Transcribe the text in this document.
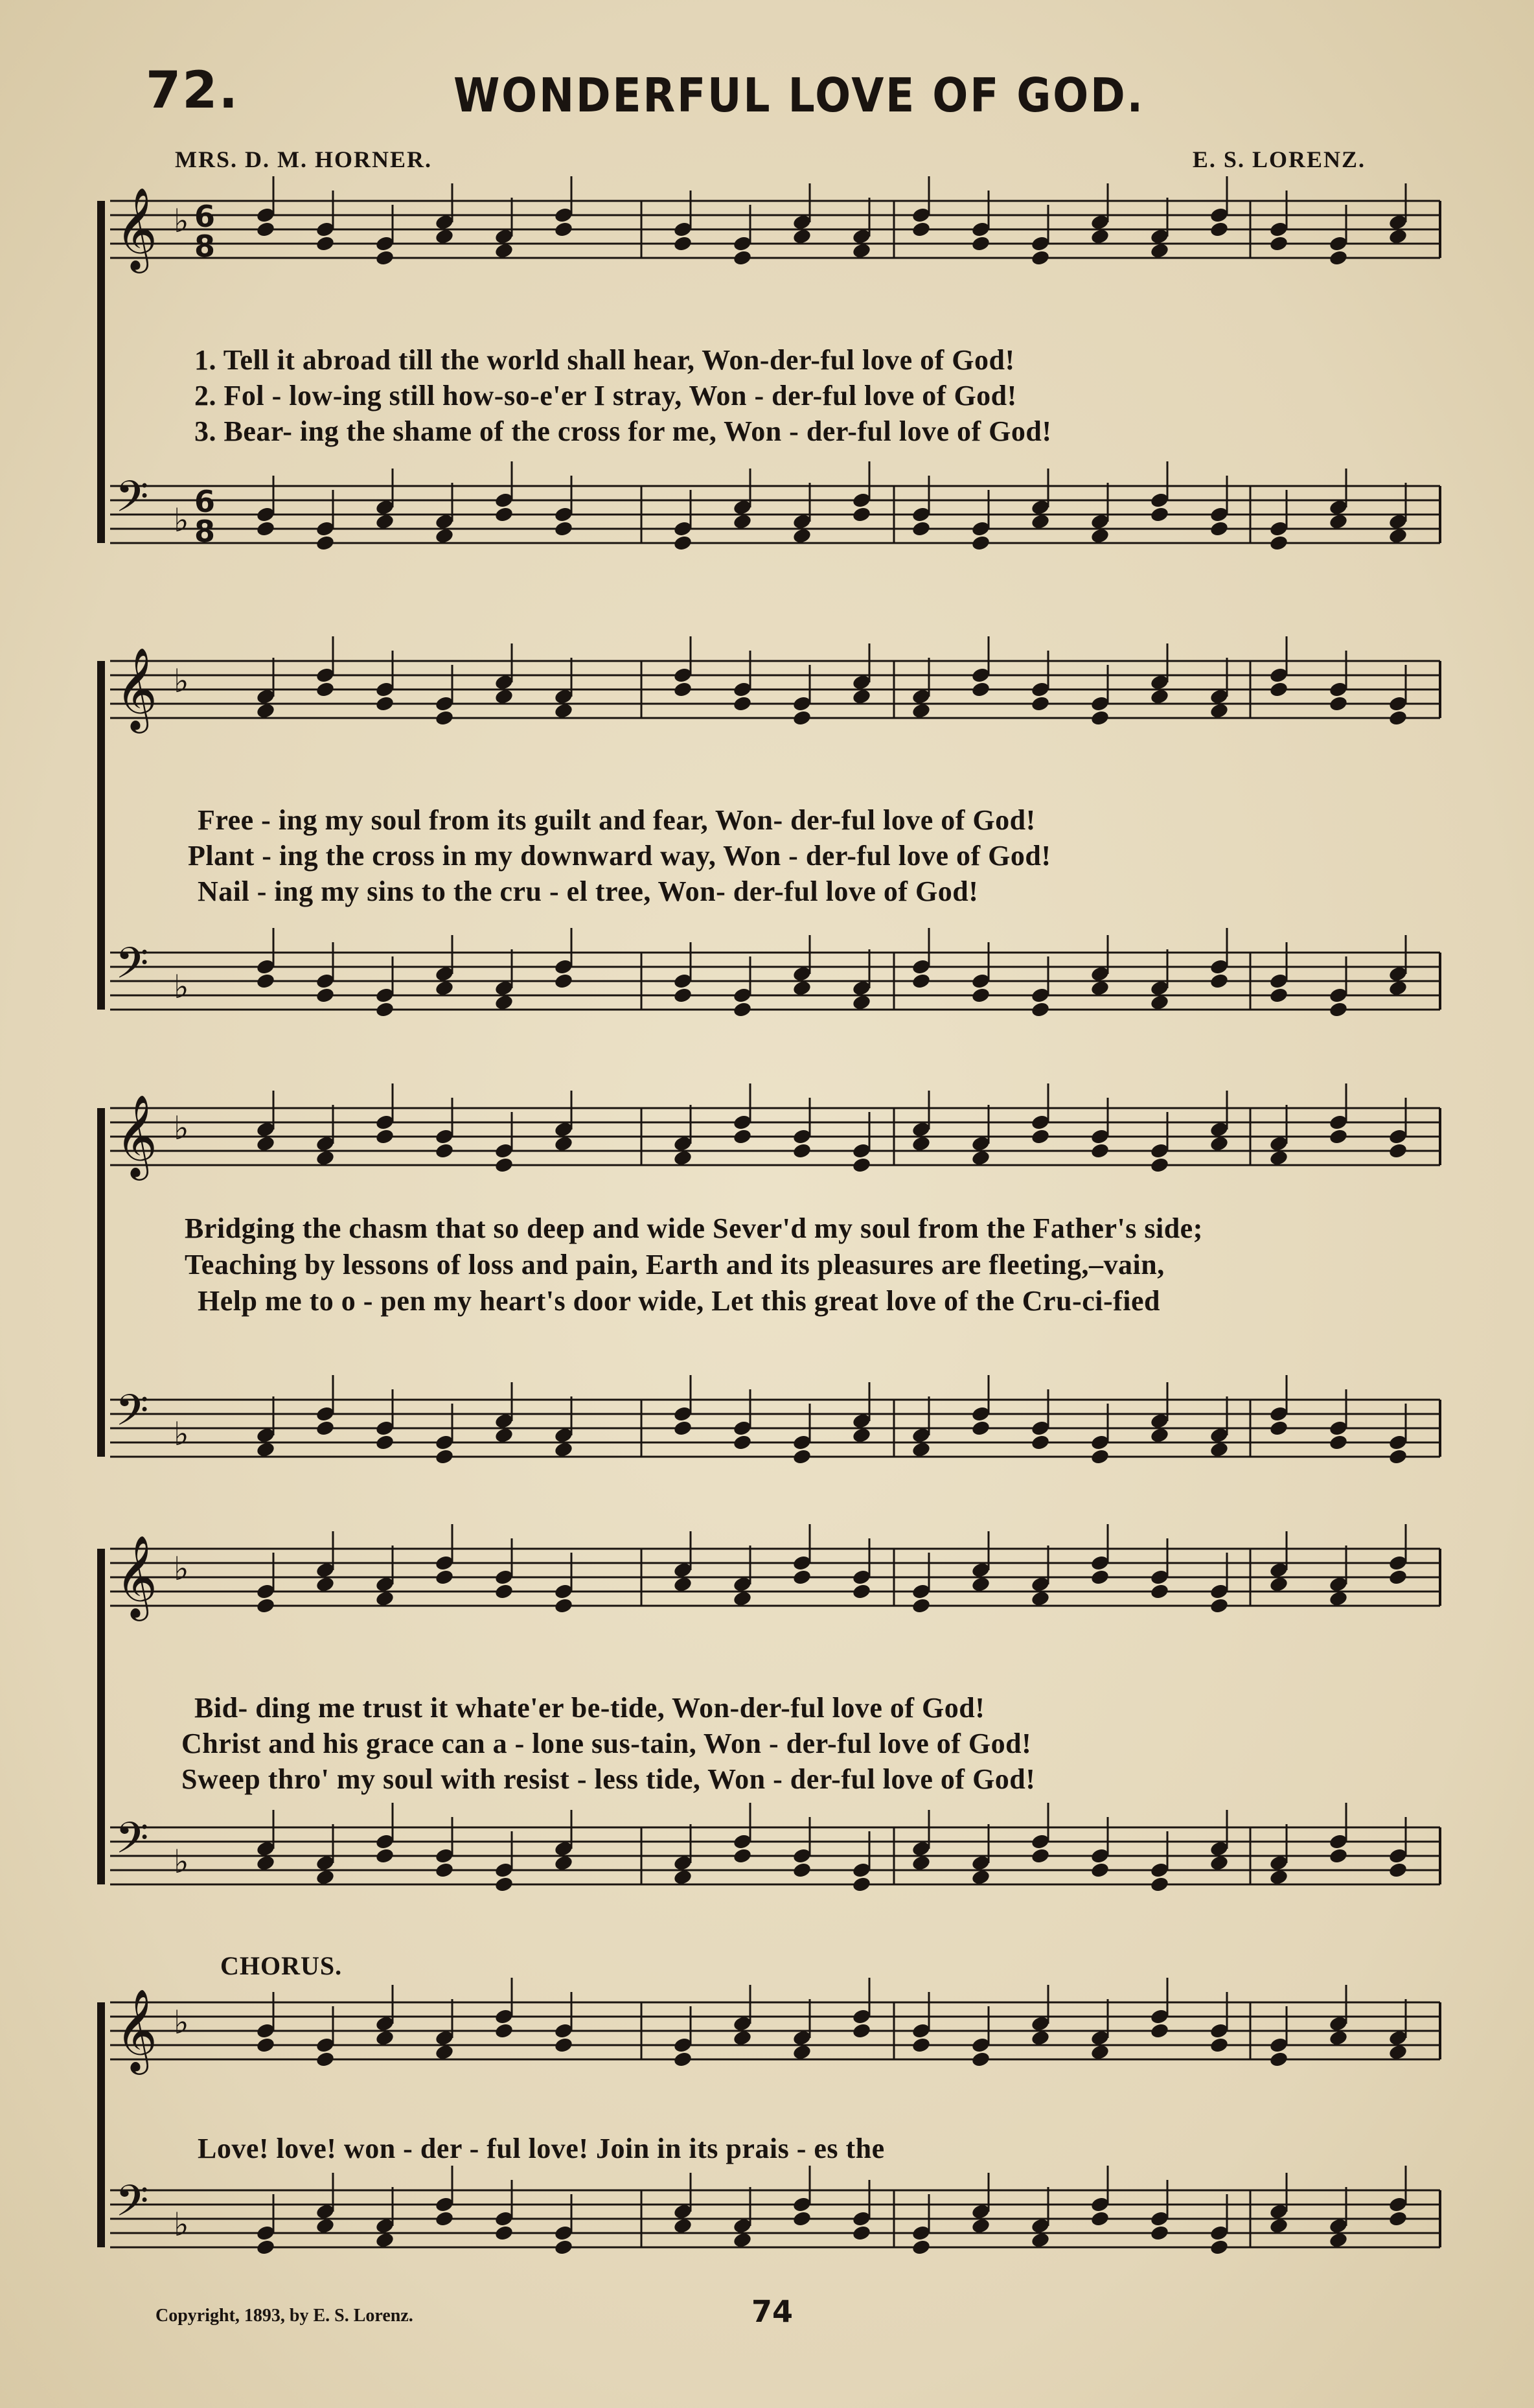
72.	WONDERFUL LOVE OF GOD.
MRS. D. M. HORNER.	E. S. LORENZ.
𝄞 ♭ 6
8
𝄢 ♭ 6
8
1. Tell it abroad till the world shall hear, Won-der-ful love of God!
2. Fol - low-ing still how-so-e'er I stray, Won - der-ful love of God!
3. Bear- ing the shame of the cross for me, Won - der-ful love of God!
𝄞 ♭
𝄢 ♭
Free - ing my soul from its guilt and fear, Won- der-ful love of God!
Plant - ing the cross in my downward way, Won - der-ful love of God!
Nail - ing my sins to the cru - el tree, Won- der-ful love of God!
𝄞 ♭
𝄢 ♭
Bridging the chasm that so deep and wide Sever'd my soul from the Father's side;
Teaching by lessons of loss and pain, Earth and its pleasures are fleeting,–vain,
Help me to o - pen my heart's door wide, Let this great love of the Cru-ci-fied
𝄞 ♭
𝄢 ♭
Bid- ding me trust it whate'er be-tide, Won-der-ful love of God!
Christ and his grace can a - lone sus-tain, Won - der-ful love of God!
Sweep thro' my soul with resist - less tide, Won - der-ful love of God!
CHORUS.
𝄞 ♭
𝄢 ♭
Love! love! won - der - ful love! Join in its prais - es the
Copyright, 1893, by E. S. Lorenz.	74
